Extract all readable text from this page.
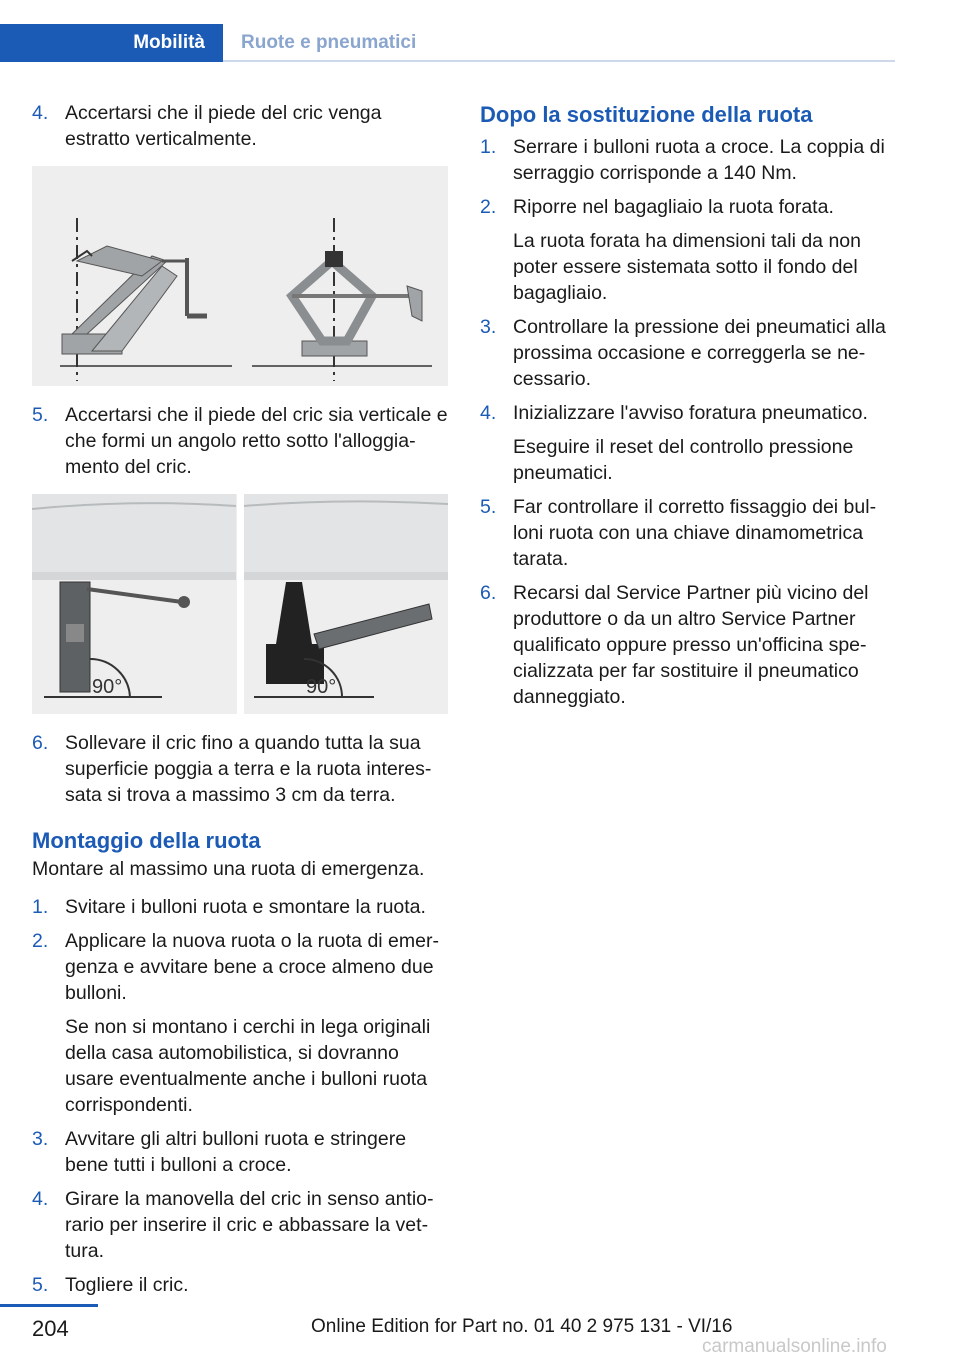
Mobilità	Ruote e pneumatici
4. Accertarsi che il piede del cric venga estratto verticalmente.
5. Accertarsi che il piede del cric sia verticale e che formi un angolo retto sotto l'alloggiamento del cric.
90°	90°
6. Sollevare il cric fino a quando tutta la sua superficie poggia a terra e la ruota interessata si trova a massimo 3 cm da terra.
Montaggio della ruota
Montare al massimo una ruota di emergenza.
1. Svitare i bulloni ruota e smontare la ruota.
2. Applicare la nuova ruota o la ruota di emergenza e avvitare bene a croce almeno due bulloni.
Se non si montano i cerchi in lega originali della casa automobilistica, si dovranno usare eventualmente anche i bulloni ruota corrispondenti.
3. Avvitare gli altri bulloni ruota e stringere bene tutti i bulloni a croce.
4. Girare la manovella del cric in senso antiorario per inserire il cric e abbassare la vettura.
5. Togliere il cric.
Dopo la sostituzione della ruota
1. Serrare i bulloni ruota a croce. La coppia di serraggio corrisponde a 140 Nm.
2. Riporre nel bagagliaio la ruota forata.
La ruota forata ha dimensioni tali da non poter essere sistemata sotto il fondo del bagagliaio.
3. Controllare la pressione dei pneumatici alla prossima occasione e correggerla se necessario.
4. Inizializzare l'avviso foratura pneumatico.
Eseguire il reset del controllo pressione pneumatici.
5. Far controllare il corretto fissaggio dei bulloni ruota con una chiave dinamometrica tarata.
6. Recarsi dal Service Partner più vicino del produttore o da un altro Service Partner qualificato oppure presso un'officina specializzata per far sostituire il pneumatico danneggiato.
204	Online Edition for Part no. 01 40 2 975 131 - VI/16
carmanualsonline.info
